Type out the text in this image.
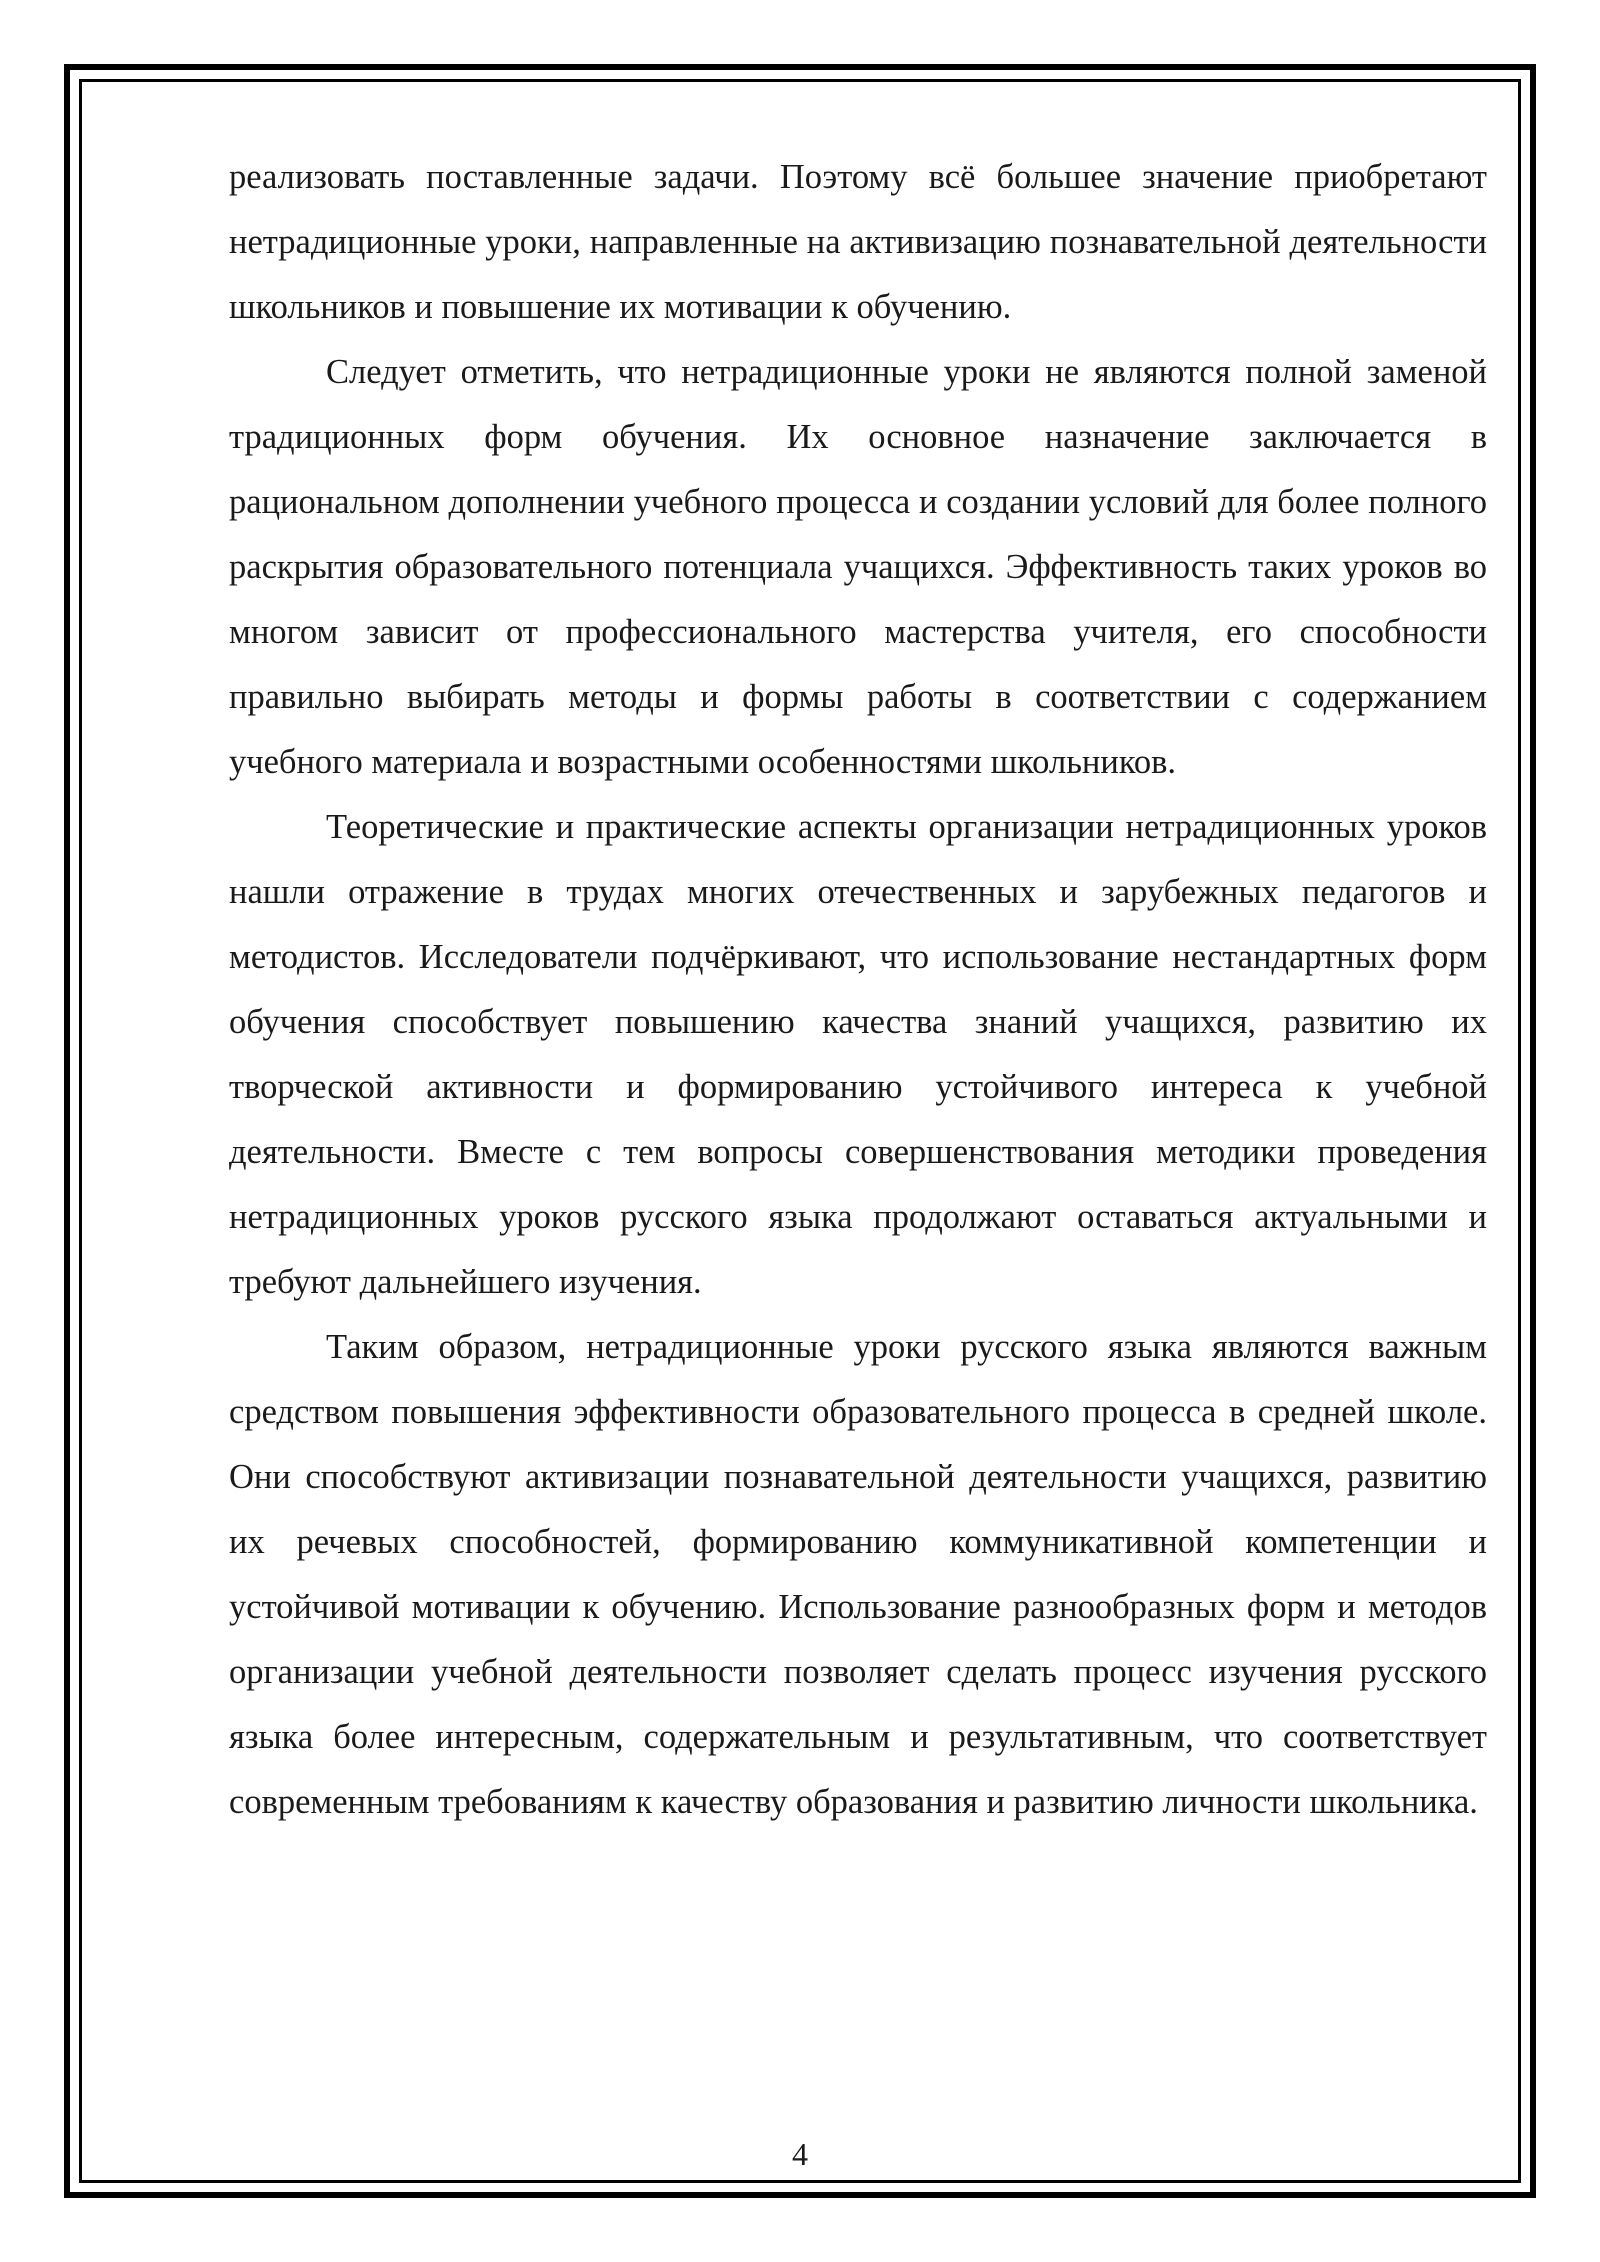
реализовать поставленные задачи. Поэтому всё большее значение приобретают нетрадиционные уроки, направленные на активизацию познавательной деятельности школьников и повышение их мотивации к обучению.

Следует отметить, что нетрадиционные уроки не являются полной заменой традиционных форм обучения. Их основное назначение заключается в рациональном дополнении учебного процесса и создании условий для более полного раскрытия образовательного потенциала учащихся. Эффективность таких уроков во многом зависит от профессионального мастерства учителя, его способности правильно выбирать методы и формы работы в соответствии с содержанием учебного материала и возрастными особенностями школьников.

Теоретические и практические аспекты организации нетрадиционных уроков нашли отражение в трудах многих отечественных и зарубежных педагогов и методистов. Исследователи подчёркивают, что использование нестандартных форм обучения способствует повышению качества знаний учащихся, развитию их творческой активности и формированию устойчивого интереса к учебной деятельности. Вместе с тем вопросы совершенствования методики проведения нетрадиционных уроков русского языка продолжают оставаться актуальными и требуют дальнейшего изучения.

Таким образом, нетрадиционные уроки русского языка являются важным средством повышения эффективности образовательного процесса в средней школе. Они способствуют активизации познавательной деятельности учащихся, развитию их речевых способностей, формированию коммуникативной компетенции и устойчивой мотивации к обучению. Использование разнообразных форм и методов организации учебной деятельности позволяет сделать процесс изучения русского языка более интересным, содержательным и результативным, что соответствует современным требованиям к качеству образования и развитию личности школьника.

4
